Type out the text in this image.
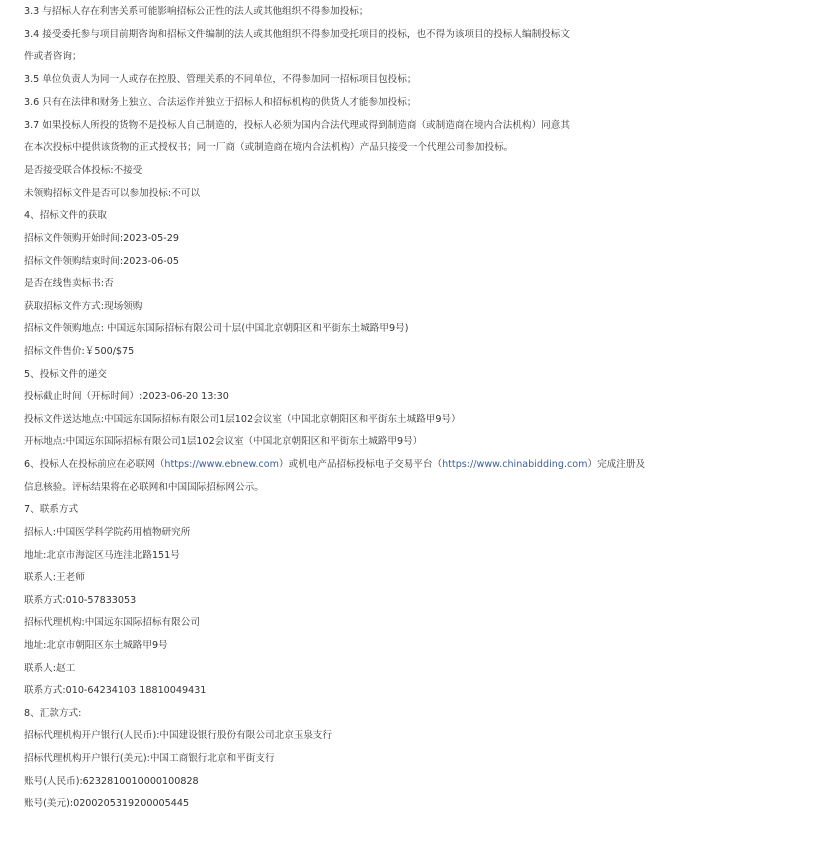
3.3 与招标人存在利害关系可能影响招标公正性的法人或其他组织不得参加投标；
3.4 接受委托参与项目前期咨询和招标文件编制的法人或其他组织不得参加受托项目的投标，也不得为该项目的投标人编制投标文
件或者咨询；
3.5 单位负责人为同一人或存在控股、管理关系的不同单位，不得参加同一招标项目包投标；
3.6 只有在法律和财务上独立、合法运作并独立于招标人和招标机构的供货人才能参加投标；
3.7 如果投标人所投的货物不是投标人自己制造的，投标人必须为国内合法代理或得到制造商（或制造商在境内合法机构）同意其
在本次投标中提供该货物的正式授权书；同一厂商（或制造商在境内合法机构）产品只接受一个代理公司参加投标。
是否接受联合体投标:不接受
未领购招标文件是否可以参加投标:不可以
4、招标文件的获取
招标文件领购开始时间:2023-05-29
招标文件领购结束时间:2023-06-05
是否在线售卖标书:否
获取招标文件方式:现场领购
招标文件领购地点: 中国远东国际招标有限公司十层(中国北京朝阳区和平街东土城路甲9号)
招标文件售价:￥500/$75
5、投标文件的递交
投标截止时间（开标时间）:2023-06-20 13:30
投标文件送达地点:中国远东国际招标有限公司1层102会议室（中国北京朝阳区和平街东土城路甲9号）
开标地点:中国远东国际招标有限公司1层102会议室（中国北京朝阳区和平街东土城路甲9号）
6、投标人在投标前应在必联网（https://www.ebnew.com）或机电产品招标投标电子交易平台（https://www.chinabidding.com）完成注册及
信息核验。评标结果将在必联网和中国国际招标网公示。
7、联系方式
招标人:中国医学科学院药用植物研究所
地址:北京市海淀区马连洼北路151号
联系人:王老师
联系方式:010-57833053
招标代理机构:中国远东国际招标有限公司
地址:北京市朝阳区东土城路甲9号
联系人:赵工
联系方式:010-64234103 18810049431
8、汇款方式:
招标代理机构开户银行(人民币):中国建设银行股份有限公司北京玉泉支行
招标代理机构开户银行(美元):中国工商银行北京和平街支行
账号(人民币):6232810010000100828
账号(美元):0200205319200005445
